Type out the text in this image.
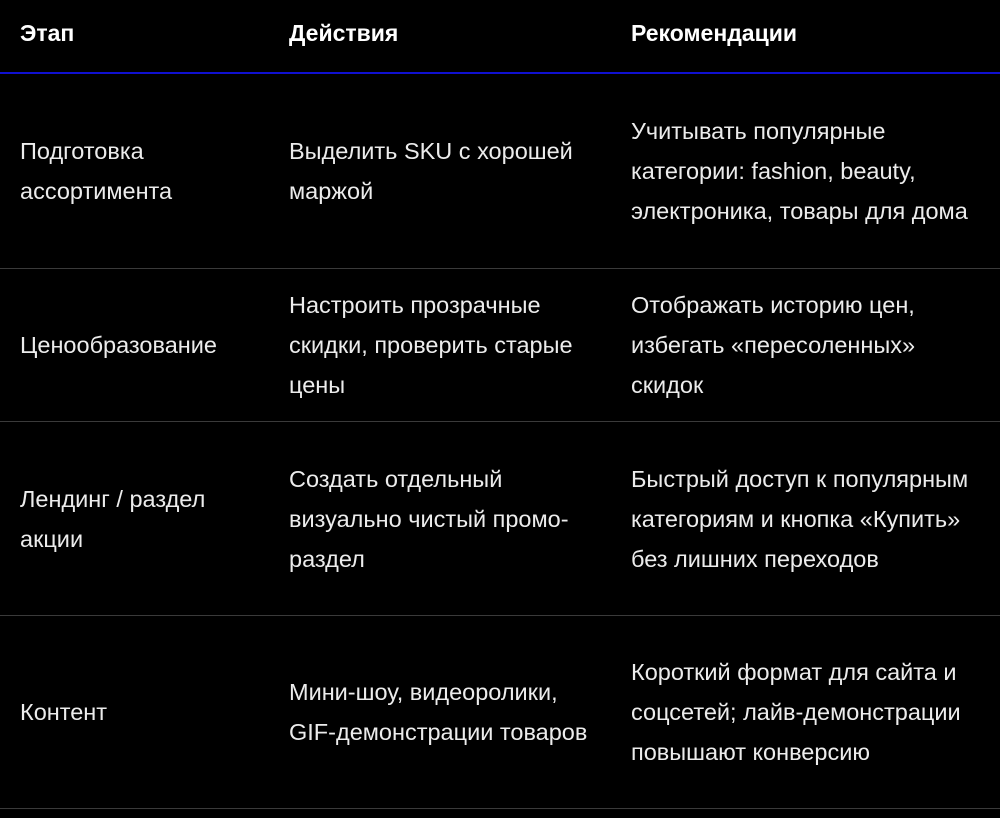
Этап	Действия	Рекомендации
Подготовка ассортимента
Выделить SKU с хорошей маржой
Учитывать популярные категории: fashion, beauty, электроника, товары для дома
Ценообразование
Настроить прозрачные скидки, проверить старые цены
Отображать историю цен, избегать «пересоленных» скидок
Лендинг / раздел акции
Создать отдельный визуально чистый промо-раздел
Быстрый доступ к популярным категориям и кнопка «Купить» без лишних переходов
Контент
Мини-шоу, видеоролики, GIF-демонстрации товаров
Короткий формат для сайта и соцсетей; лайв-демонстрации повышают конверсию
